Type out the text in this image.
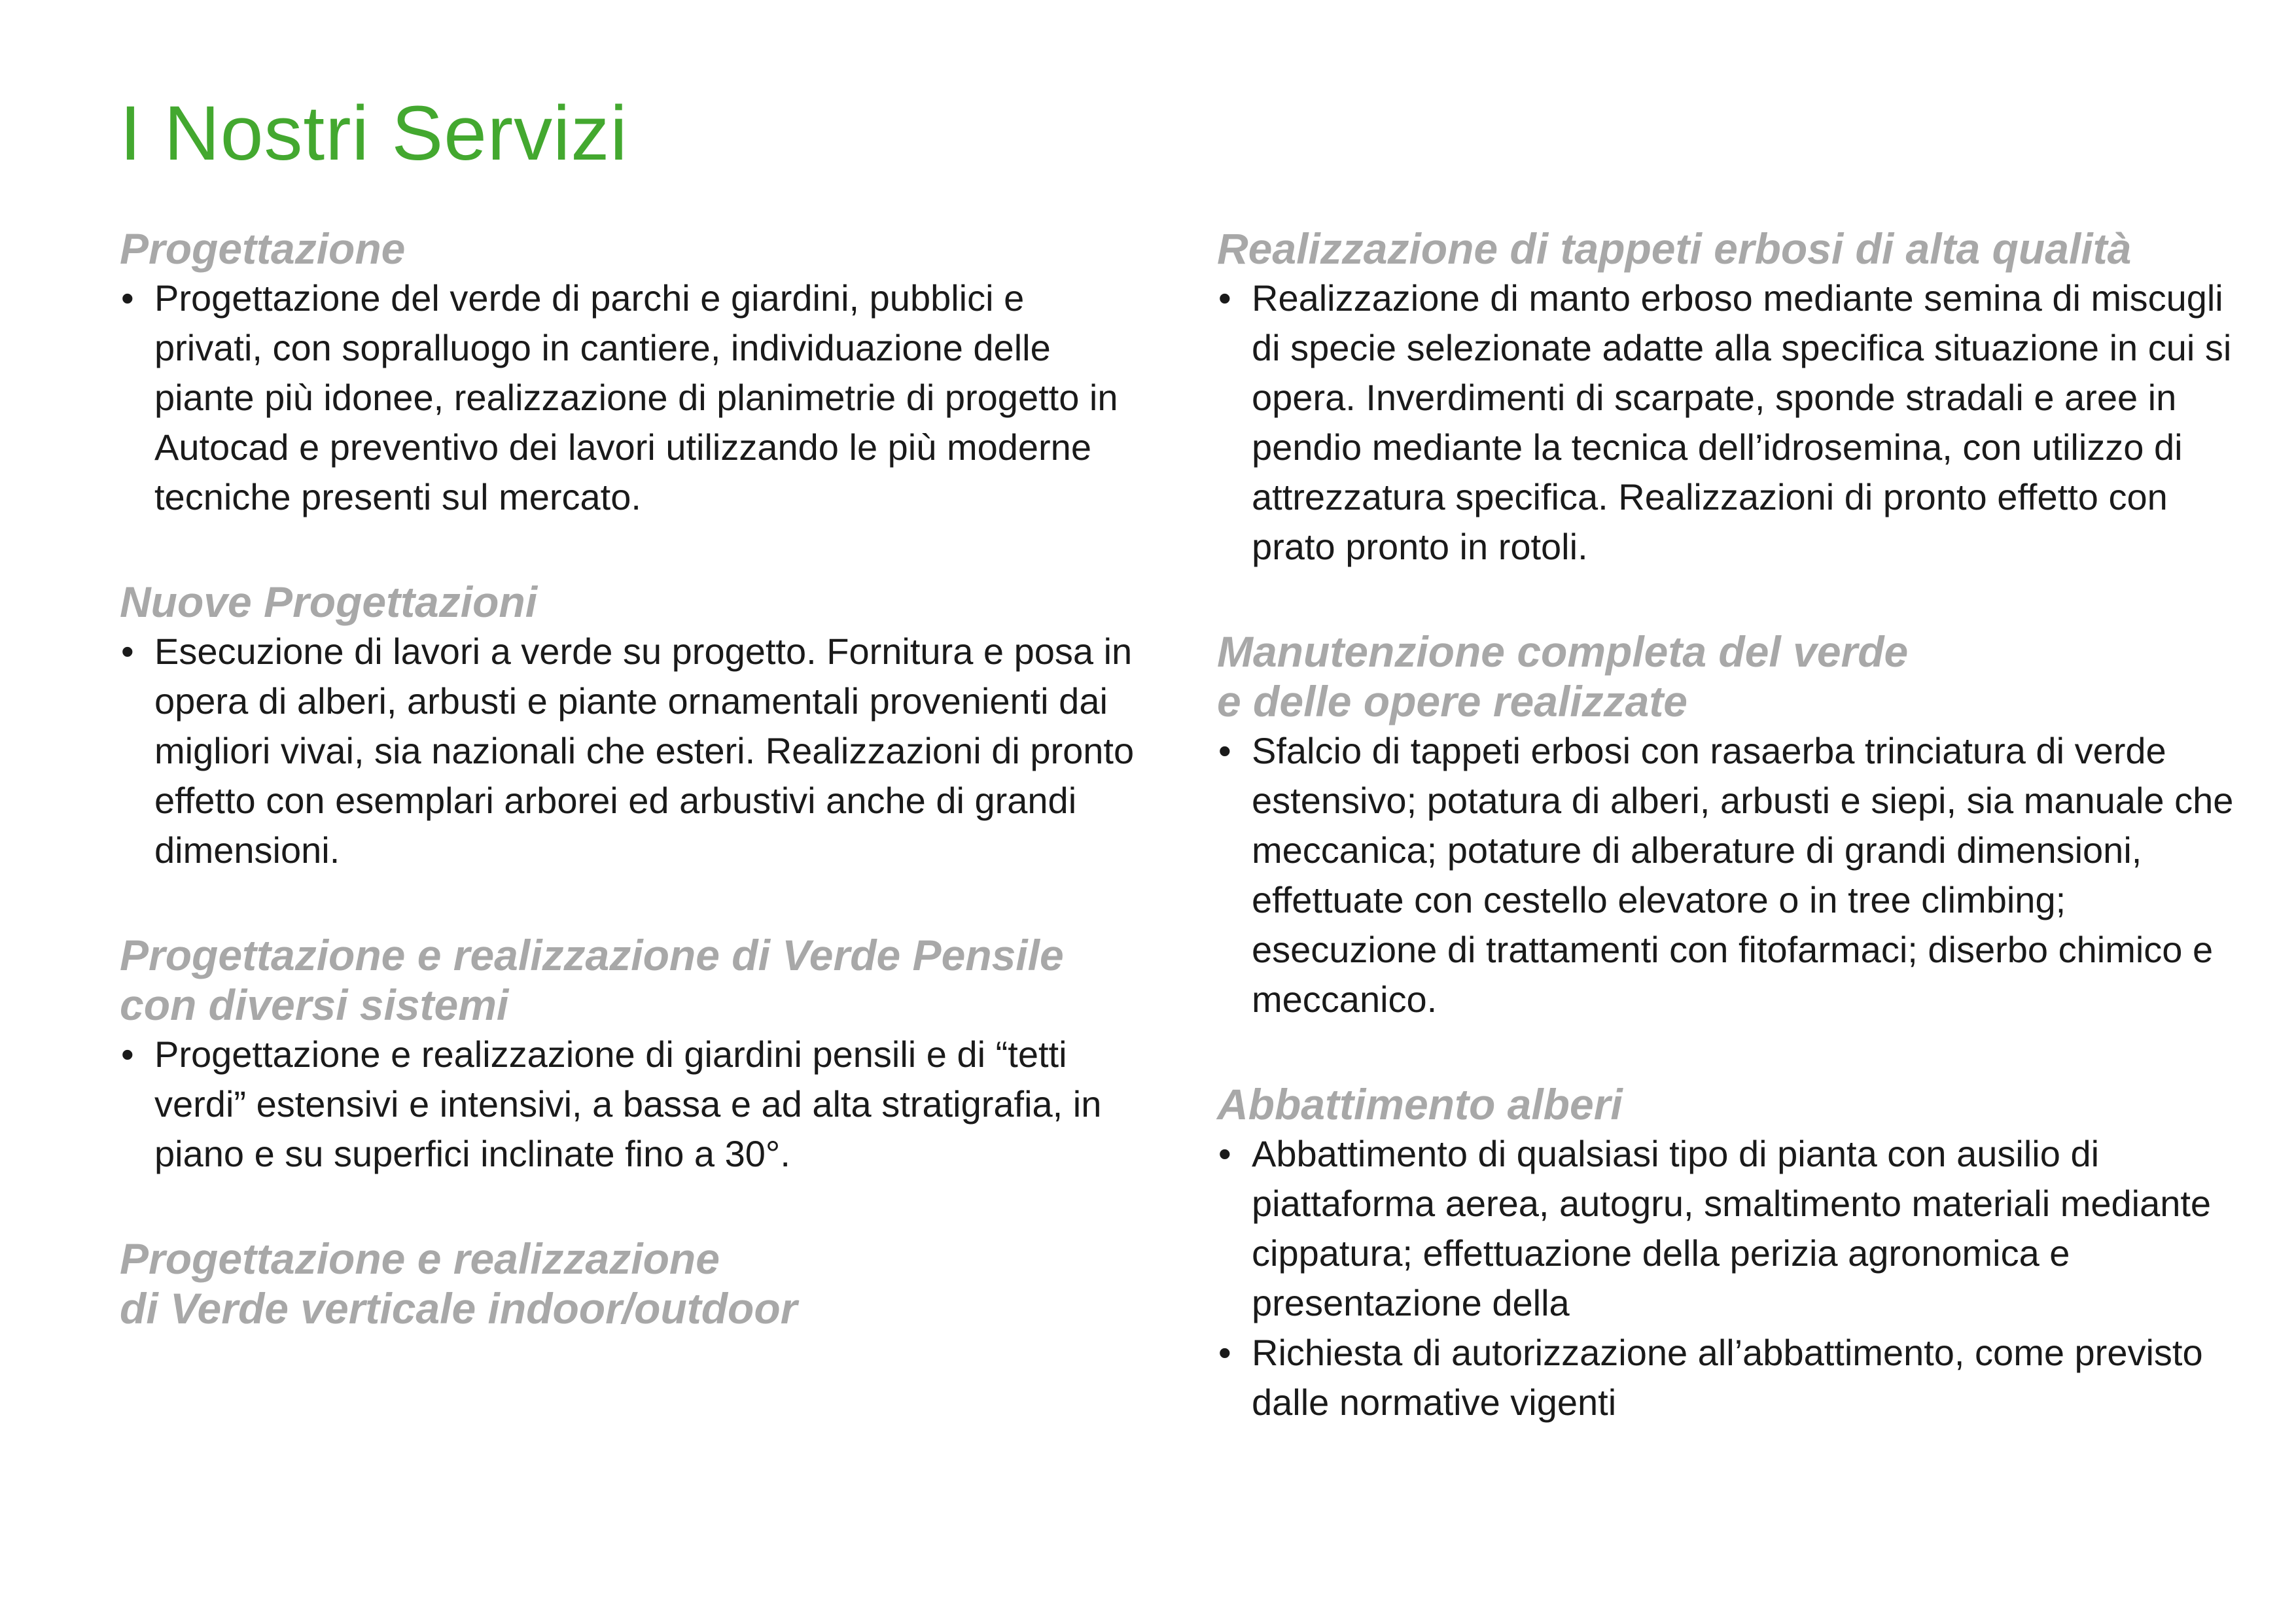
I Nostri Servizi
Progettazione
• Progettazione del verde di parchi e giardini, pubblici e privati, con sopralluogo in cantiere, individuazione delle piante più idonee, realizzazione di planimetrie di progetto in Autocad e preventivo dei lavori utilizzando le più moderne tecniche presenti sul mercato.
Nuove Progettazioni
• Esecuzione di lavori a verde su progetto. Fornitura e posa in opera di alberi, arbusti e piante ornamentali provenienti dai migliori vivai, sia nazionali che esteri. Realizzazioni di pronto effetto con esemplari arborei ed arbustivi anche di grandi dimensioni.
Progettazione e realizzazione di Verde Pensile
con diversi sistemi
• Progettazione e realizzazione di giardini pensili e di “tetti verdi” estensivi e intensivi, a bassa e ad alta stratigrafia, in piano e su superfici inclinate fino a 30°.
Progettazione e realizzazione
di Verde verticale indoor/outdoor
Realizzazione di tappeti erbosi di alta qualità
• Realizzazione di manto erboso mediante semina di miscugli di specie selezionate adatte alla specifica situazione in cui si opera. Inverdimenti di scarpate, sponde stradali e aree in pendio mediante la tecnica dell’idrosemina, con utilizzo di attrezzatura specifica. Realizzazioni di pronto effetto con prato pronto in rotoli.
Manutenzione completa del verde
e delle opere realizzate
• Sfalcio di tappeti erbosi con rasaerba trinciatura di verde estensivo; potatura di alberi, arbusti e siepi, sia manuale che meccanica; potature di alberature di grandi dimensioni, effettuate con cestello elevatore o in tree climbing; esecuzione di trattamenti con fitofarmaci; diserbo chimico e meccanico.
Abbattimento alberi
• Abbattimento di qualsiasi tipo di pianta con ausilio di piattaforma aerea, autogru, smaltimento materiali mediante cippatura; effettuazione della perizia agronomica e presentazione della
• Richiesta di autorizzazione all’abbattimento, come previsto dalle normative vigenti
